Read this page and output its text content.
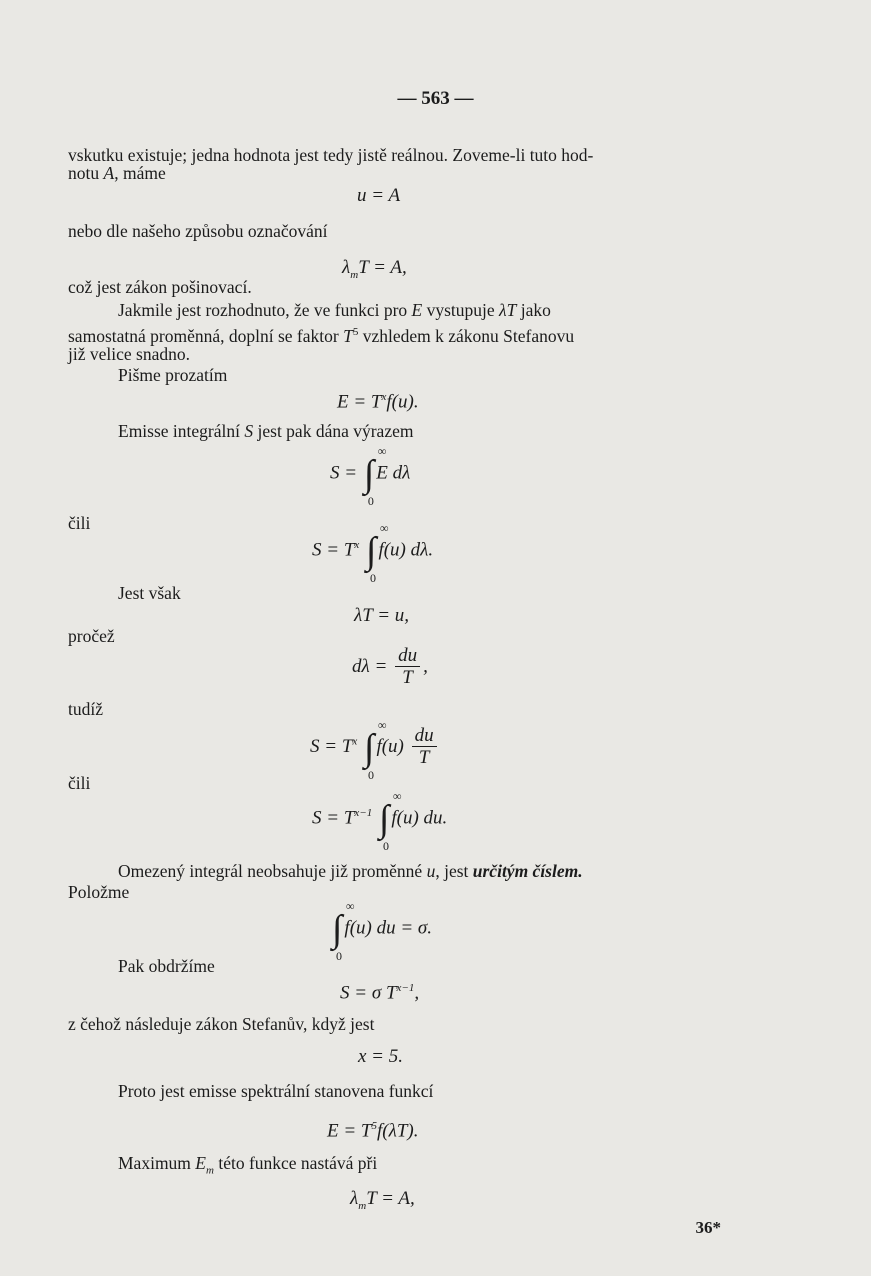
— 563 —
vskutku existuje; jedna hodnota jest tedy jistě reálnou. Zoveme-li tuto hod-
notu A, máme
u = A
nebo dle našeho způsobu označování
$\lambda_mT = A$,
což jest zákon pošinovací.
Jakmile jest rozhodnuto, že ve funkci pro E vystupuje λT jako
samostatná proměnná, doplní se faktor $T^5$ vzhledem k zákonu Stefanovu
již velice snadno.
Pišme prozatím
$E = T^xf(u)$.
Emisse integrální S jest pak dána výrazem
S = ∫
∞
0
E dλ
čili
$S = T^x$ ∫
∞
0
f(u) dλ.
Jest však
λT = u,
pročež
$d\lambda = \frac{du}{T}$ ,
tudíž
$S = T^x$ ∫
∞
0
$f(u) \frac{du}{T}$
čili
$S = T^{x-1}$ ∫
∞
0
f(u) du.
Omezený integrál neobsahuje již proměnné u, jest určitým číslem.
Položme
∫
∞
0
f(u) du = σ.
Pak obdržíme
S = σ $T^{x-1}$,
z čehož následuje zákon Stefanův, když jest
x = 5.
Proto jest emisse spektrální stanovena funkcí
$E = T^5f(\lambda T)$.
Maximum $E_m$ této funkce nastává při
$\lambda_mT = A$,
36*
